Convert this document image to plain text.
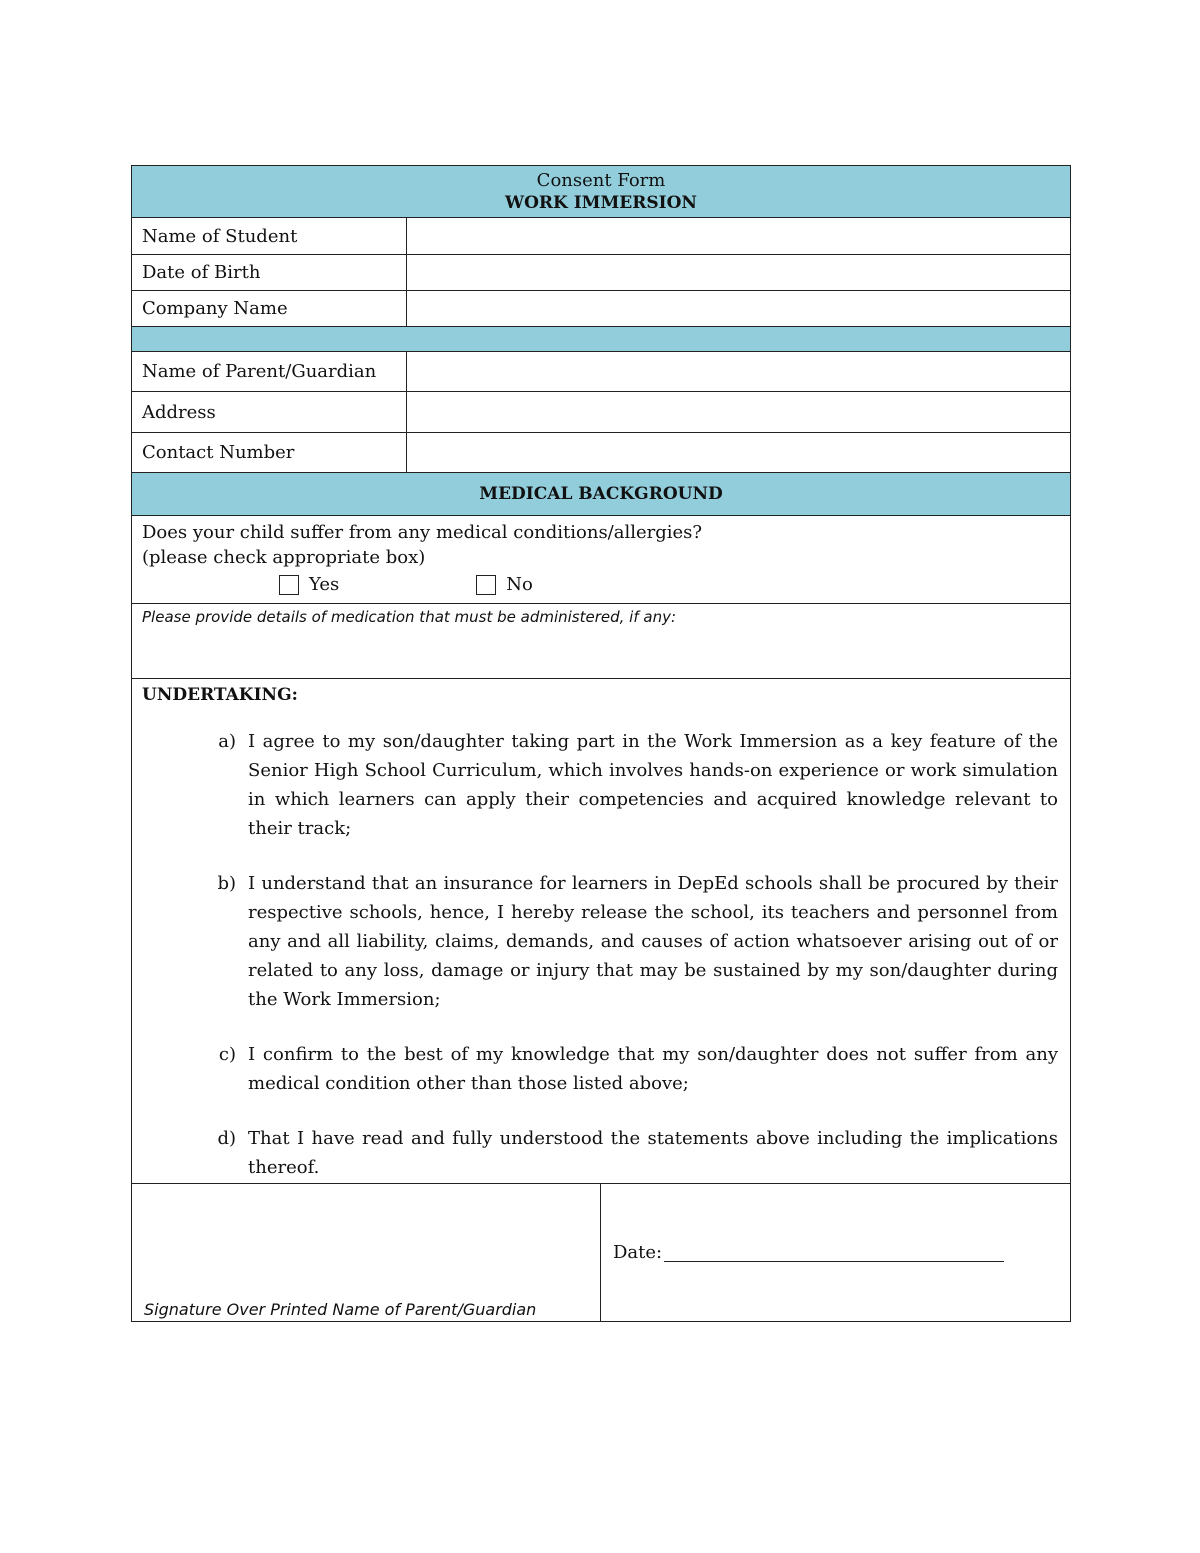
Consent Form
WORK IMMERSION
Name of Student
Date of Birth
Company Name
Name of Parent/Guardian
Address
Contact Number
MEDICAL BACKGROUND
Does your child suffer from any medical conditions/allergies?
(please check appropriate box)
Yes	No
Please provide details of medication that must be administered, if any:
UNDERTAKING:
a) I agree to my son/daughter taking part in the Work Immersion as a key feature of the Senior High School Curriculum, which involves hands-on experience or work simulation in which learners can apply their competencies and acquired knowledge relevant to their track;
b) I understand that an insurance for learners in DepEd schools shall be procured by their respective schools, hence, I hereby release the school, its teachers and personnel from any and all liability, claims, demands, and causes of action whatsoever arising out of or related to any loss, damage or injury that may be sustained by my son/daughter during the Work Immersion;
c) I confirm to the best of my knowledge that my son/daughter does not suffer from any medical condition other than those listed above;
d) That I have read and fully understood the statements above including the implications thereof.
Signature Over Printed Name of Parent/Guardian
Date:
